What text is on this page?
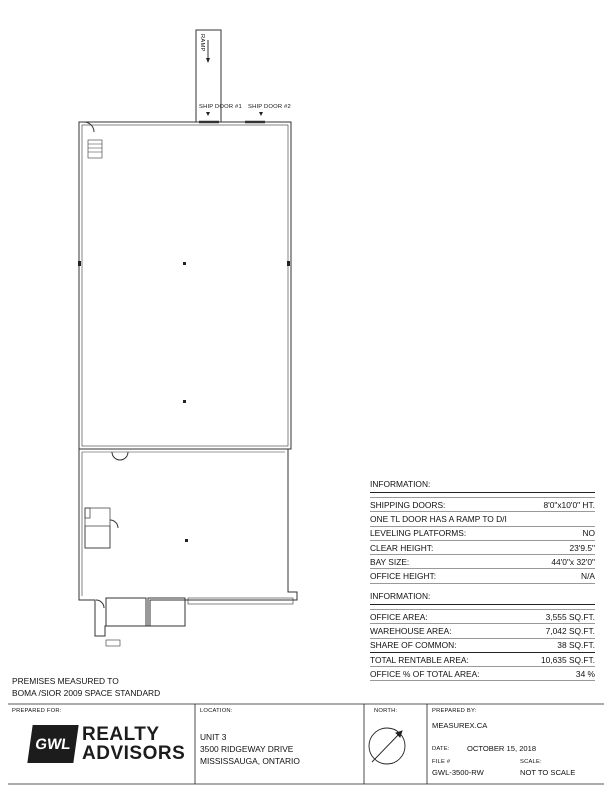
RAMP
SHIP DOOR #1 SHIP DOOR #2
INFORMATION:
SHIPPING DOORS:	8'0"x10'0" HT.
ONE TL DOOR HAS A RAMP TO D/I
LEVELING PLATFORMS:	NO
CLEAR HEIGHT:	23'9.5"
BAY SIZE:	44'0"x 32'0"
OFFICE HEIGHT:	N/A
INFORMATION:
OFFICE AREA:	3,555 SQ.FT.
WAREHOUSE AREA:	7,042 SQ.FT.
SHARE OF COMMON:	38 SQ.FT.
TOTAL RENTABLE AREA:	10,635 SQ.FT.
OFFICE % OF TOTAL AREA:	34 %
PREMISES MEASURED TO
BOMA /SIOR 2009 SPACE STANDARD
PREPARED FOR:
GWL REALTY
ADVISORS
LOCATION:
UNIT 3
3500 RIDGEWAY DRIVE
MISSISSAUGA, ONTARIO
NORTH:	PREPARED BY:
MEASUREX.CA
DATE: OCTOBER 15, 2018
FILE #
GWL-3500-RW
SCALE:
NOT TO SCALE
